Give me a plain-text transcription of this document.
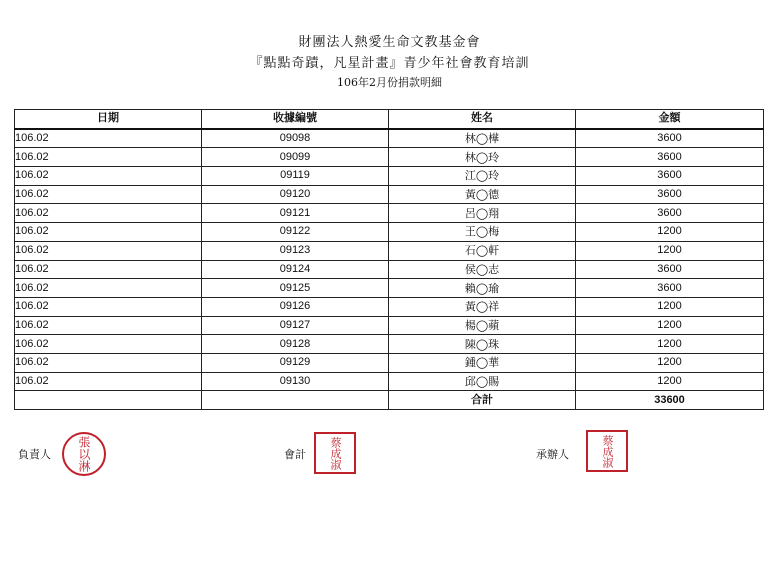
財團法人熱愛生命文教基金會
『點點奇蹟，凡星計畫』青少年社會教育培訓
106年2月份捐款明細
日期	收據編號	姓名	金額
106.02	09098	林◯樺	3600
106.02	09099	林◯玲	3600
106.02	09119	江◯玲	3600
106.02	09120	黃◯德	3600
106.02	09121	呂◯翔	3600
106.02	09122	王◯梅	1200
106.02	09123	石◯軒	1200
106.02	09124	侯◯志	3600
106.02	09125	賴◯瑜	3600
106.02	09126	黃◯祥	1200
106.02	09127	楊◯蘋	1200
106.02	09128	陳◯珠	1200
106.02	09129	鍾◯華	1200
106.02	09130	邱◯賜	1200
		合計	33600
負責人	張以淋	會計	蔡成淑	承辦人	蔡成淑
